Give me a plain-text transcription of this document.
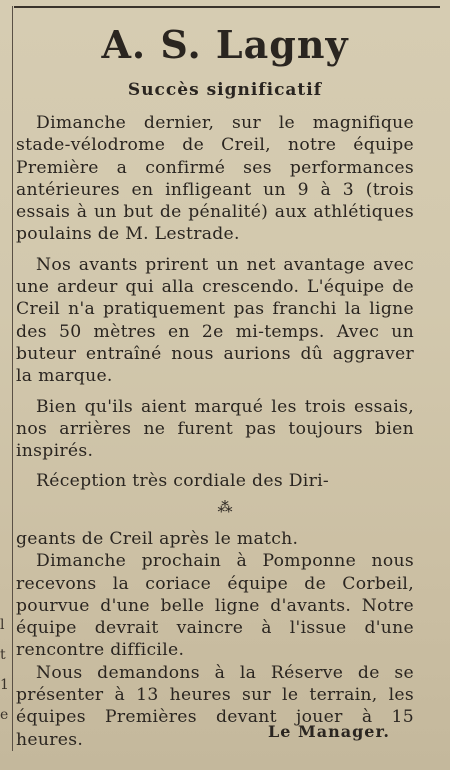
l
t
1
e
A. S. Lagny
Succès significatif

Dimanche dernier, sur le magnifique stade-vélodrome de Creil, notre équipe Première a confirmé ses performances antérieures en infligeant un 9 à 3 (trois essais à un but de pénalité) aux athlétiques poulains de M. Lestrade.

Nos avants prirent un net avantage avec une ardeur qui alla crescendo. L'équipe de Creil n'a pratiquement pas franchi la ligne des 50 mètres en 2e mi-temps. Avec un buteur entraîné nous aurions dû aggraver la marque.

Bien qu'ils aient marqué les trois essais, nos arrières ne furent pas toujours bien inspirés.

Réception très cordiale des Diri-

⁂

geants de Creil après le match.

Dimanche prochain à Pomponne nous recevons la coriace équipe de Corbeil, pourvue d'une belle ligne d'avants. Notre équipe devrait vaincre à l'issue d'une rencontre difficile.

Nous demandons à la Réserve de se présenter à 13 heures sur le terrain, les équipes Premières devant jouer à 15 heures.	Le Manager.
